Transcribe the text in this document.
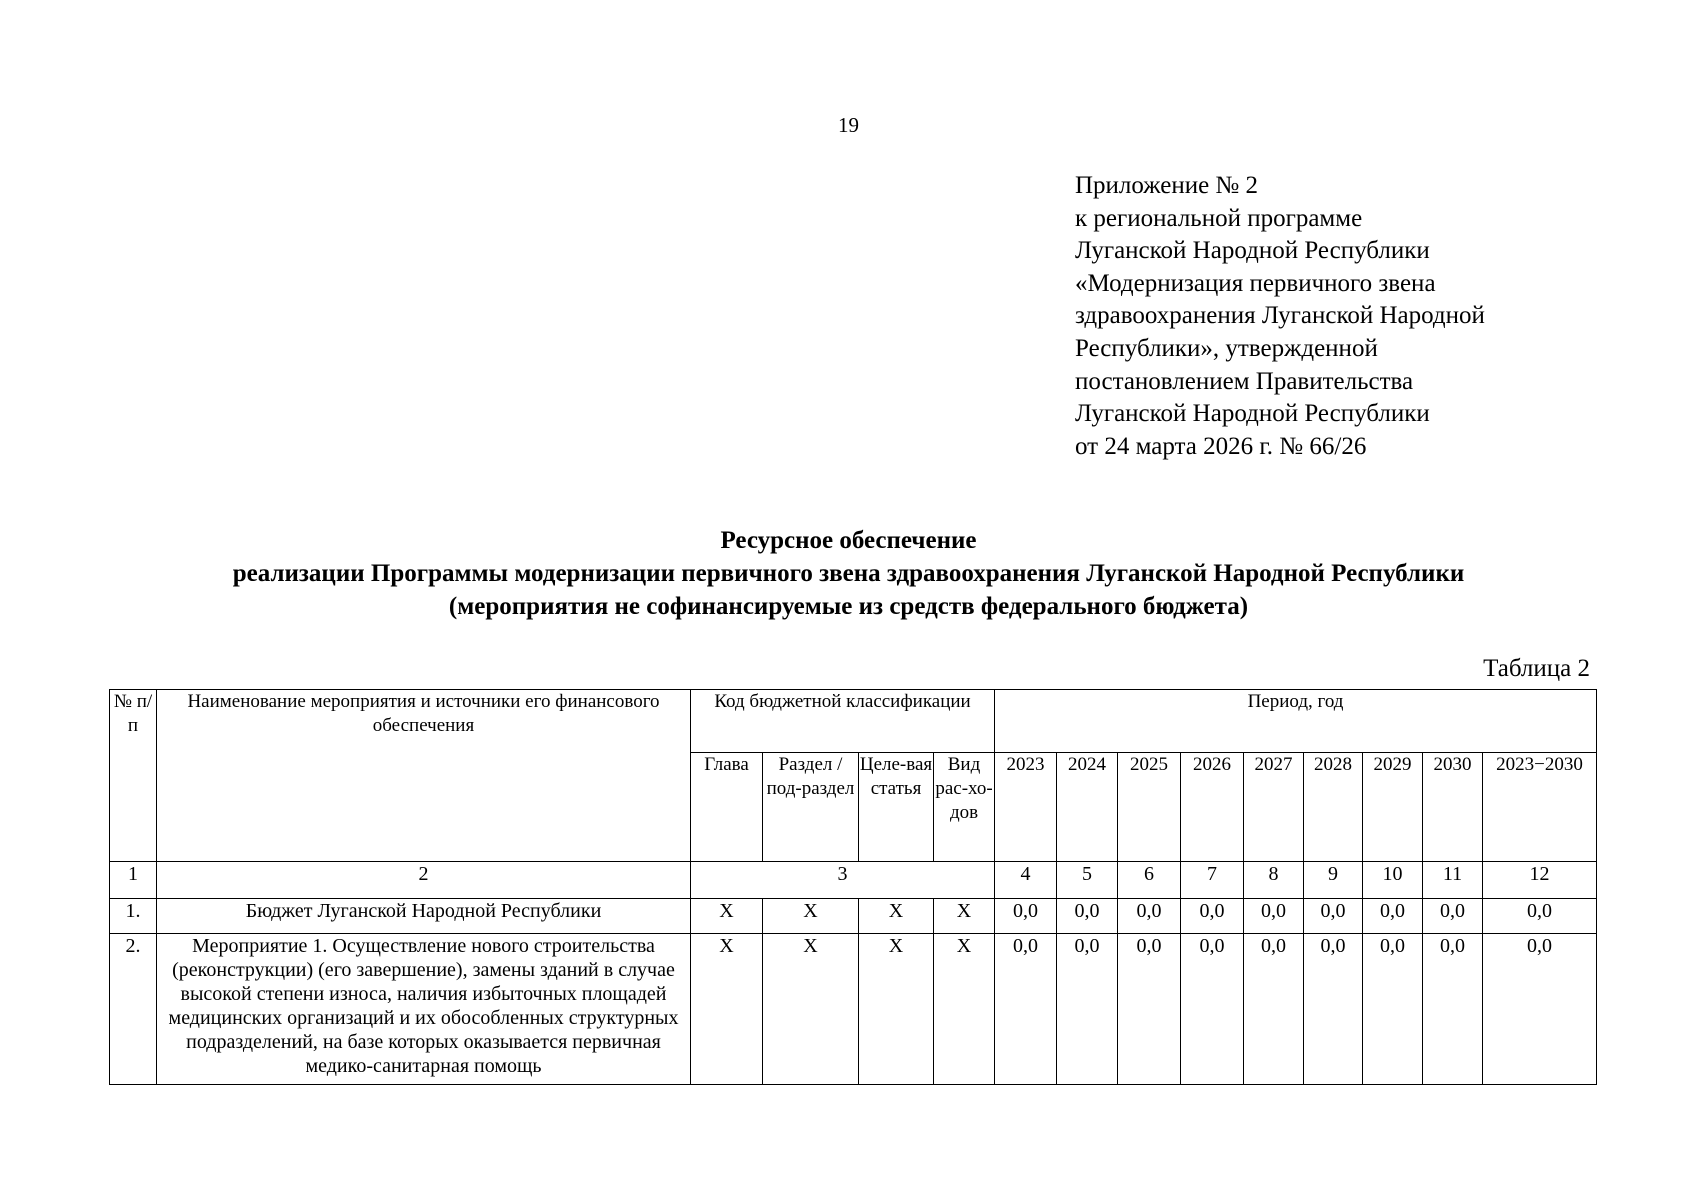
19
Приложение № 2
к региональной программе
Луганской Народной Республики
«Модернизация первичного звена
здравоохранения Луганской Народной
Республики», утвержденной
постановлением Правительства
Луганской Народной Республики
от 24 марта 2026 г. № 66/26
Ресурсное обеспечение
реализации Программы модернизации первичного звена здравоохранения Луганской Народной Республики
(мероприятия не софинансируемые из средств федерального бюджета)
Таблица 2
№ п/п	Наименование мероприятия и источники его финансового обеспечения	Код бюджетной классификации				Период, год								
		Глава	Раздел / под-раздел	Целе-вая статья	Вид рас-хо-дов	2023	2024	2025	2026	2027	2028	2029	2030	2023−2030
1	2	3				4	5	6	7	8	9	10	11	12
1.	Бюджет Луганской Народной Республики	Х	Х	Х	Х	0,0	0,0	0,0	0,0	0,0	0,0	0,0	0,0	0,0
2.	Мероприятие 1. Осуществление нового строительства (реконструкции) (его завершение), замены зданий в случае высокой степени износа, наличия избыточных площадей медицинских организаций и их обособленных структурных подразделений, на базе которых оказывается первичная медико-санитарная помощь	Х	Х	Х	Х	0,0	0,0	0,0	0,0	0,0	0,0	0,0	0,0	0,0
